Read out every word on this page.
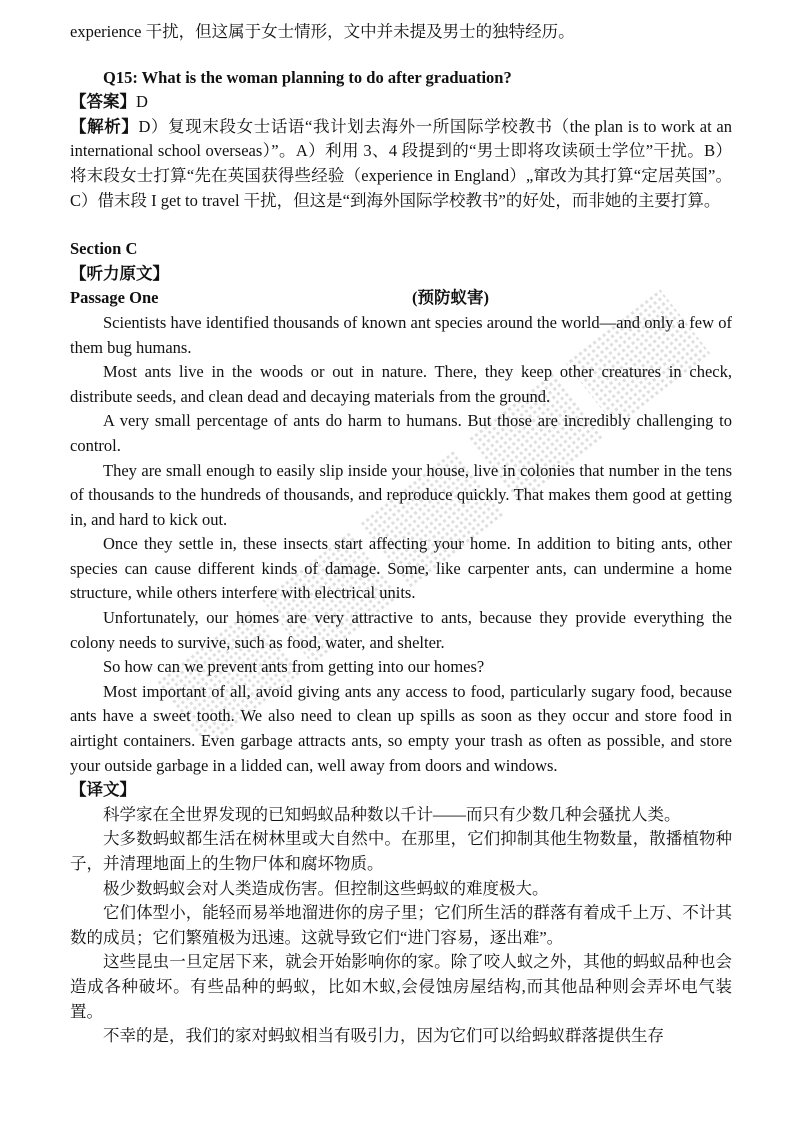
experience 干扰，但这属于女士情形，文中并未提及男士的独特经历。

Q15: What is the woman planning to do after graduation?

【答案】D

【解析】D）复现末段女士话语“我计划去海外一所国际学校教书（the plan is to work at an international school overseas）”。A）利用 3、4 段提到的“男士即将攻读硕士学位”干扰。B）将末段女士打算“先在英国获得些经验（experience in England）„窜改为其打算“定居英国”。C）借末段 I get to travel 干扰，但这是“到海外国际学校教书”的好处，而非她的主要打算。

Section C

【听力原文】

Passage One	(预防蚁害)

Scientists have identified thousands of known ant species around the world—and only a few of them bug humans.

Most ants live in the woods or out in nature. There, they keep other creatures in check, distribute seeds, and clean dead and decaying materials from the ground.

A very small percentage of ants do harm to humans. But those are incredibly challenging to control.

They are small enough to easily slip inside your house, live in colonies that number in the tens of thousands to the hundreds of thousands, and reproduce quickly. That makes them good at getting in, and hard to kick out.

Once they settle in, these insects start affecting your home. In addition to biting ants, other species can cause different kinds of damage. Some, like carpenter ants, can undermine a home structure, while others interfere with electrical units.

Unfortunately, our homes are very attractive to ants, because they provide everything the colony needs to survive, such as food, water, and shelter.

So how can we prevent ants from getting into our homes?

Most important of all, avoid giving ants any access to food, particularly sugary food, because ants have a sweet tooth. We also need to clean up spills as soon as they occur and store food in airtight containers. Even garbage attracts ants, so empty your trash as often as possible, and store your outside garbage in a lidded can, well away from doors and windows.

【译文】

科学家在全世界发现的已知蚂蚁品种数以千计——而只有少数几种会骚扰人类。

大多数蚂蚁都生活在树林里或大自然中。在那里，它们抑制其他生物数量，散播植物种子，并清理地面上的生物尸体和腐坏物质。

极少数蚂蚁会对人类造成伤害。但控制这些蚂蚁的难度极大。

它们体型小，能轻而易举地溜进你的房子里；它们所生活的群落有着成千上万、不计其数的成员；它们繁殖极为迅速。这就导致它们“进门容易，逐出难”。

这些昆虫一旦定居下来，就会开始影响你的家。除了咬人蚁之外，其他的蚂蚁品种也会造成各种破坏。有些品种的蚂蚁，比如木蚁,会侵蚀房屋结构,而其他品种则会弄坏电气装置。

不幸的是，我们的家对蚂蚁相当有吸引力，因为它们可以给蚂蚁群落提供生存
